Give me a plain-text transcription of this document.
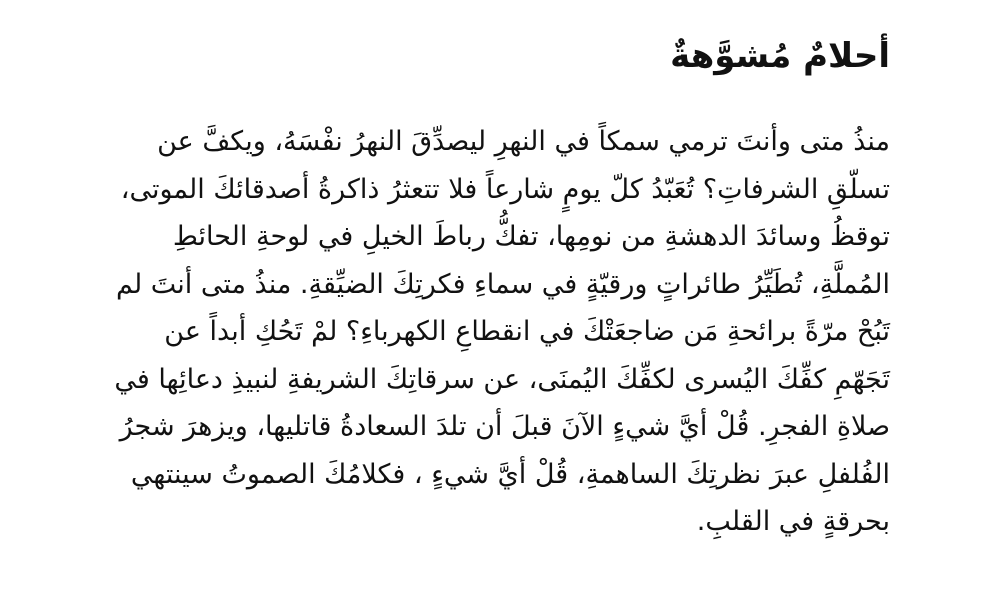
أحلامٌ مُشوَّهةٌ

منذُ متى وأنتَ ترمي سمكاً في النهرِ ليصدِّقَ النهرُ نفْسَهُ، ويكفَّ عن
تسلّقِ الشرفاتِ؟ تُعَبّدُ كلّ يومٍ شارعاً فلا تتعثرُ ذاكرةُ أصدقائكَ الموتى،
توقظُ وسائدَ الدهشةِ من نومِها، تفكُّ رباطَ الخيلِ في لوحةِ الحائطِ
المُملَّةِ، تُطَيِّرُ طائراتٍ ورقيّةٍ في سماءِ فكرتِكَ الضيِّقةِ. منذُ متى أنتَ لم
تَبُحْ مرّةً برائحةِ مَن ضاجعَتْكَ في انقطاعِ الكهرباءِ؟ لمْ تَحُكِ أبداً عن
تَجَهّمِ كفِّكَ اليُسرى لكفِّكَ اليُمنَى، عن سرقاتِكَ الشريفةِ لنبيذِ دعائِها في
صلاةِ الفجرِ. قُلْ أيَّ شيءٍ الآنَ قبلَ أن تلدَ السعادةُ قاتليها، ويزهرَ شجرُ
الفُلفلِ عبرَ نظرتِكَ الساهمةِ، قُلْ أيَّ شيءٍ ، فكلامُكَ الصموتُ سينتهي
بحرقةٍ في القلبِ.
